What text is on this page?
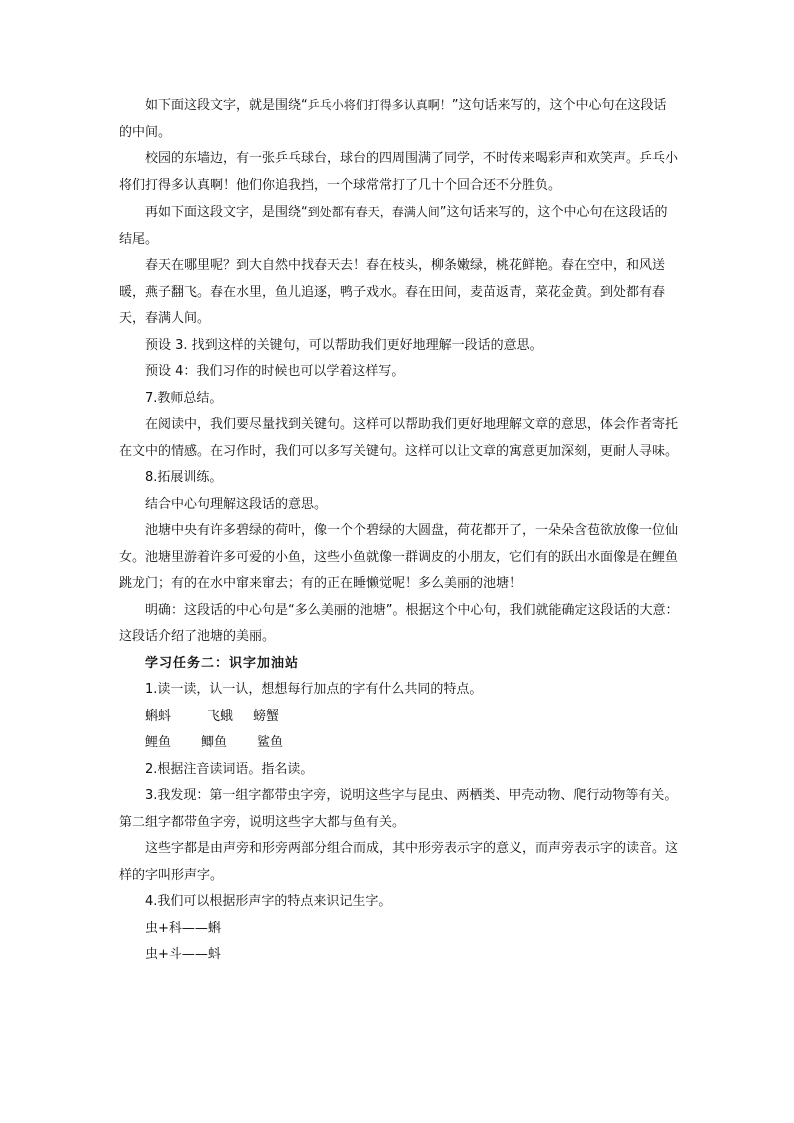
如下面这段文字，就是围绕“乒乓小将们打得多认真啊！”这句话来写的，这个中心句在这段话的中间。

校园的东墙边，有一张乒乓球台，球台的四周围满了同学，不时传来喝彩声和欢笑声。乒乓小将们打得多认真啊！他们你追我挡，一个球常常打了几十个回合还不分胜负。

再如下面这段文字，是围绕“到处都有春天，春满人间”这句话来写的，这个中心句在这段话的结尾。

春天在哪里呢？到大自然中找春天去！春在枝头，柳条嫩绿，桃花鲜艳。春在空中，和风送暖，燕子翻飞。春在水里，鱼儿追逐，鸭子戏水。春在田间，麦苗返青，菜花金黄。到处都有春天，春满人间。

预设 3. 找到这样的关键句，可以帮助我们更好地理解一段话的意思。

预设 4：我们习作的时候也可以学着这样写。

7.教师总结。

在阅读中，我们要尽量找到关键句。这样可以帮助我们更好地理解文章的意思，体会作者寄托在文中的情感。在习作时，我们可以多写关键句。这样可以让文章的寓意更加深刻，更耐人寻味。

8.拓展训练。

结合中心句理解这段话的意思。

池塘中央有许多碧绿的荷叶，像一个个碧绿的大圆盘，荷花都开了，一朵朵含苞欲放像一位仙女。池塘里游着许多可爱的小鱼，这些小鱼就像一群调皮的小朋友，它们有的跃出水面像是在鲤鱼跳龙门；有的在水中窜来窜去；有的正在睡懒觉呢！多么美丽的池塘！

明确：这段话的中心句是“多么美丽的池塘”。根据这个中心句，我们就能确定这段话的大意：这段话介绍了池塘的美丽。

学习任务二：识字加油站

1.读一读，认一认，想想每行加点的字有什么共同的特点。

蝌蚪	飞蛾 螃蟹

鲤鱼 鲫鱼 鲨鱼

2.根据注音读词语。指名读。

3.我发现：第一组字都带虫字旁，说明这些字与昆虫、两栖类、甲壳动物、爬行动物等有关。第二组字都带鱼字旁，说明这些字大都与鱼有关。

这些字都是由声旁和形旁两部分组合而成，其中形旁表示字的意义，而声旁表示字的读音。这样的字叫形声字。

4.我们可以根据形声字的特点来识记生字。

虫+科——蝌

虫+斗——蚪
